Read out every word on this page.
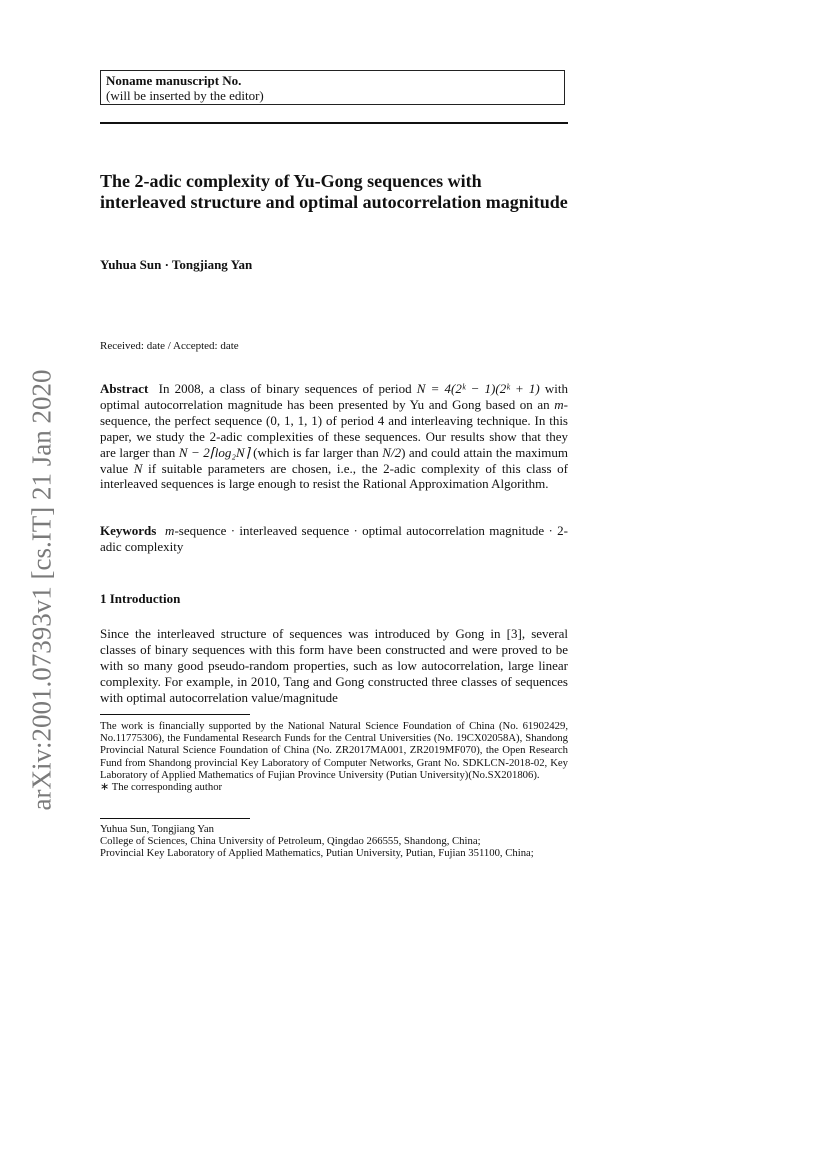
arXiv:2001.07393v1 [cs.IT] 21 Jan 2020
Noname manuscript No.
(will be inserted by the editor)
The 2-adic complexity of Yu-Gong sequences with interleaved structure and optimal autocorrelation magnitude
Yuhua Sun · Tongjiang Yan
Received: date / Accepted: date

Abstract In 2008, a class of binary sequences of period N = 4(2ᵏ − 1)(2ᵏ + 1) with optimal autocorrelation magnitude has been presented by Yu and Gong based on an m-sequence, the perfect sequence (0, 1, 1, 1) of period 4 and interleaving technique. In this paper, we study the 2-adic complexities of these sequences. Our results show that they are larger than N − 2⌈log₂N⌉ (which is far larger than N/2) and could attain the maximum value N if suitable parameters are chosen, i.e., the 2-adic complexity of this class of interleaved sequences is large enough to resist the Rational Approximation Algorithm.

Keywords m-sequence · interleaved sequence · optimal autocorrelation magnitude · 2-adic complexity

1 Introduction

Since the interleaved structure of sequences was introduced by Gong in [3], several classes of binary sequences with this form have been constructed and were proved to be with so many good pseudo-random properties, such as low autocorrelation, large linear complexity. For example, in 2010, Tang and Gong constructed three classes of sequences with optimal autocorrelation value/magnitude

The work is financially supported by the National Natural Science Foundation of China (No. 61902429, No.11775306), the Fundamental Research Funds for the Central Universities (No. 19CX02058A), Shandong Provincial Natural Science Foundation of China (No. ZR2017MA001, ZR2019MF070), the Open Research Fund from Shandong provincial Key Laboratory of Computer Networks, Grant No. SDKLCN-2018-02, Key Laboratory of Applied Mathematics of Fujian Province University (Putian University)(No.SX201806).
∗ The corresponding author
Yuhua Sun, Tongjiang Yan
College of Sciences, China University of Petroleum, Qingdao 266555, Shandong, China;
Provincial Key Laboratory of Applied Mathematics, Putian University, Putian, Fujian 351100, China;
